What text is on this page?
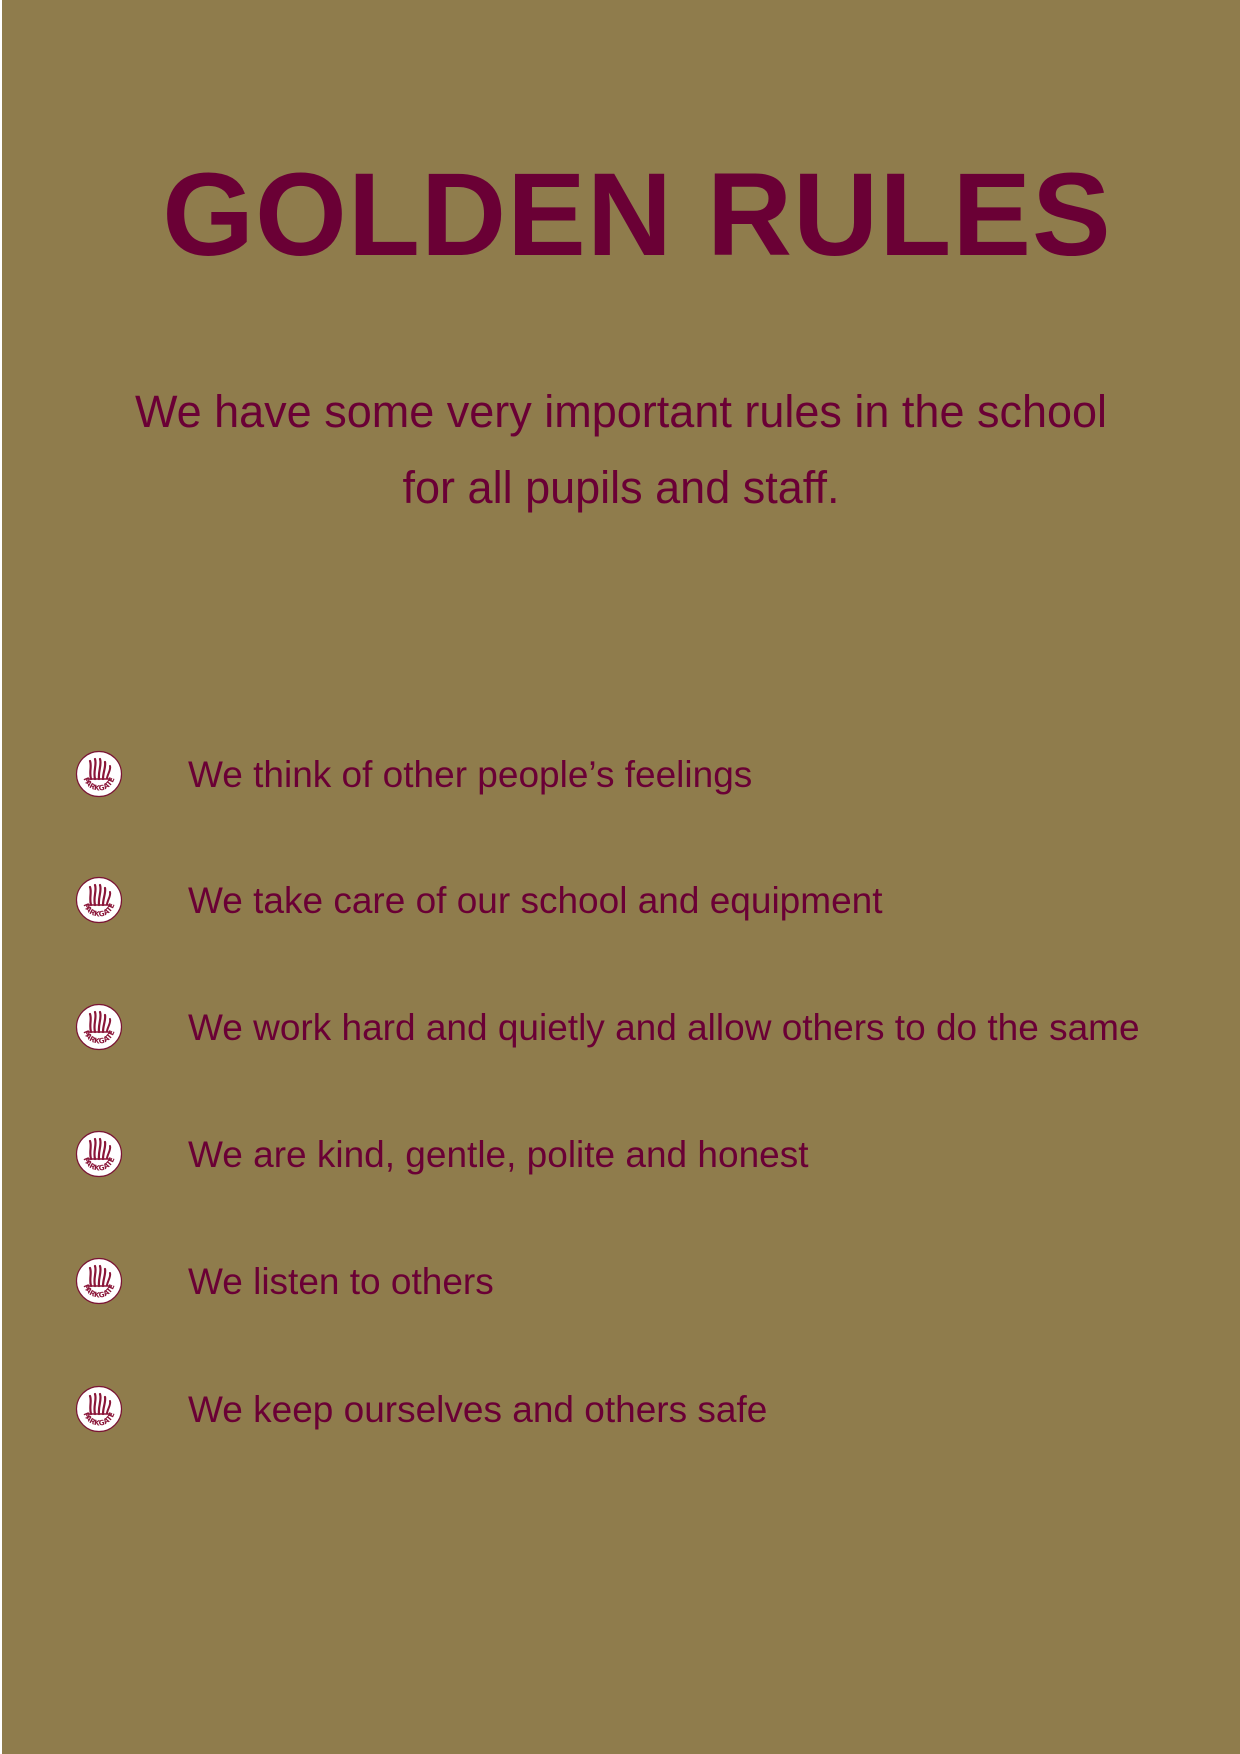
GOLDEN RULES
We have some very important rules in the school
for all pupils and staff.
We think of other people’s feelings
We take care of our school and equipment
We work hard and quietly and allow others to do the same
We are kind, gentle, polite and honest
We listen to others
We keep ourselves and others safe
